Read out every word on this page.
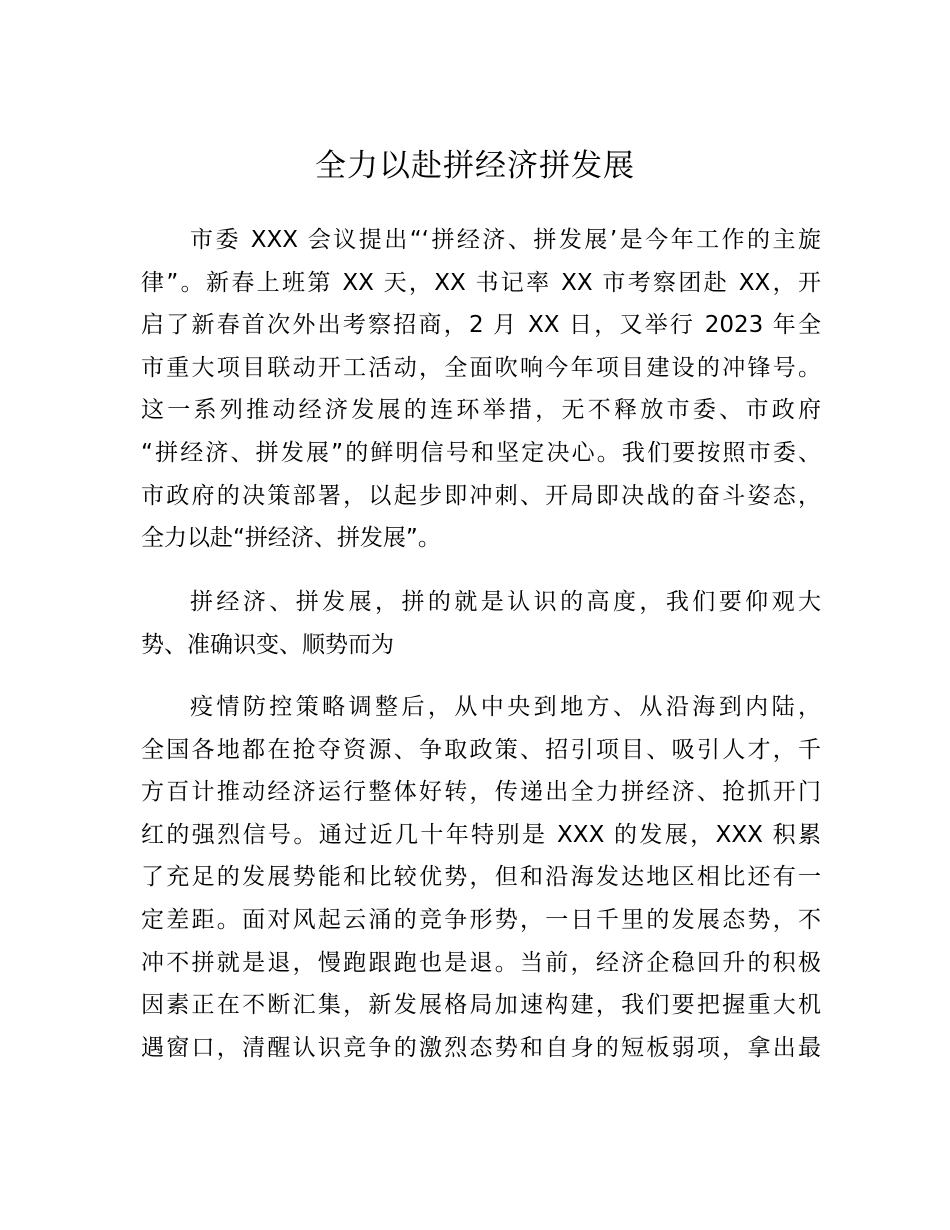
全力以赴拼经济拼发展
市委 XXX 会议提出“‘拼经济、拼发展’是今年工作的主旋
律”。新春上班第 XX 天，XX 书记率 XX 市考察团赴 XX，开
启了新春首次外出考察招商，2 月 XX 日，又举行 2023 年全
市重大项目联动开工活动，全面吹响今年项目建设的冲锋号。
这一系列推动经济发展的连环举措，无不释放市委、市政府
“拼经济、拼发展”的鲜明信号和坚定决心。我们要按照市委、
市政府的决策部署，以起步即冲刺、开局即决战的奋斗姿态，
全力以赴“拼经济、拼发展”。
拼经济、拼发展，拼的就是认识的高度，我们要仰观大
势、准确识变、顺势而为
疫情防控策略调整后，从中央到地方、从沿海到内陆，
全国各地都在抢夺资源、争取政策、招引项目、吸引人才，千
方百计推动经济运行整体好转，传递出全力拼经济、抢抓开门
红的强烈信号。通过近几十年特别是 XXX 的发展，XXX 积累
了充足的发展势能和比较优势，但和沿海发达地区相比还有一
定差距。面对风起云涌的竞争形势，一日千里的发展态势，不
冲不拼就是退，慢跑跟跑也是退。当前，经济企稳回升的积极
因素正在不断汇集，新发展格局加速构建，我们要把握重大机
遇窗口，清醒认识竞争的激烈态势和自身的短板弱项，拿出最
